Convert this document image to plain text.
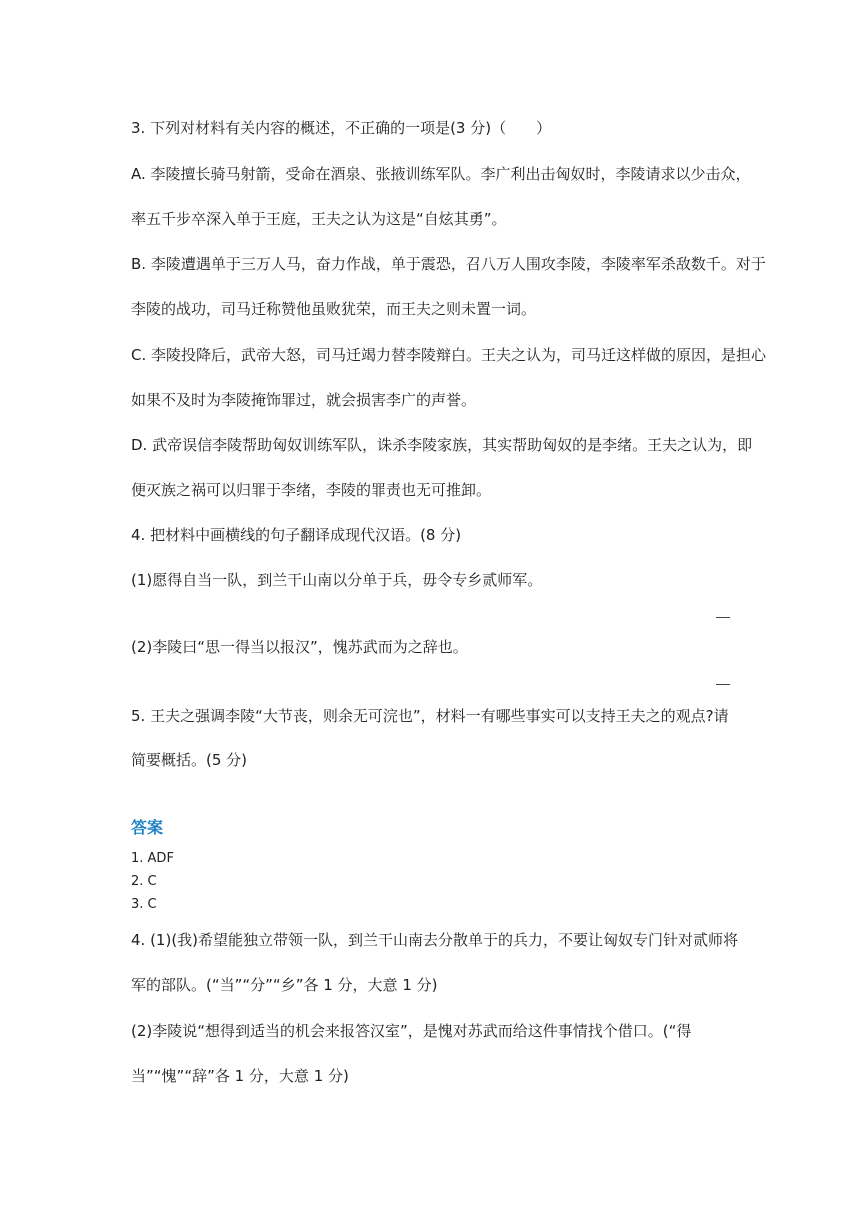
3. 下列对材料有关内容的概述，不正确的一项是(3 分)（　　）
A. 李陵擅长骑马射箭，受命在酒泉、张掖训练军队。李广利出击匈奴时，李陵请求以少击众，
率五千步卒深入单于王庭，王夫之认为这是“自炫其勇”。
B. 李陵遭遇单于三万人马，奋力作战，单于震恐，召八万人围攻李陵，李陵率军杀敌数千。对于
李陵的战功，司马迁称赞他虽败犹荣，而王夫之则未置一词。
C. 李陵投降后，武帝大怒，司马迁竭力替李陵辩白。王夫之认为，司马迁这样做的原因，是担心
如果不及时为李陵掩饰罪过，就会损害李广的声誉。
D. 武帝误信李陵帮助匈奴训练军队，诛杀李陵家族，其实帮助匈奴的是李绪。王夫之认为，即
便灭族之祸可以归罪于李绪，李陵的罪责也无可推卸。
4. 把材料中画横线的句子翻译成现代汉语。(8 分)
(1)愿得自当一队，到兰干山南以分单于兵，毋令专乡贰师军。
(2)李陵曰“思一得当以报汉”，愧苏武而为之辞也。
5. 王夫之强调李陵“大节丧，则余无可浣也”，材料一有哪些事实可以支持王夫之的观点?请
简要概括。(5 分)
答案
1. ADF
2. C
3. C
4. (1)(我)希望能独立带领一队，到兰干山南去分散单于的兵力，不要让匈奴专门针对贰师将
军的部队。(“当”“分”“乡”各 1 分，大意 1 分)
(2)李陵说“想得到适当的机会来报答汉室”，是愧对苏武而给这件事情找个借口。(“得
当”“愧”“辞”各 1 分，大意 1 分)
